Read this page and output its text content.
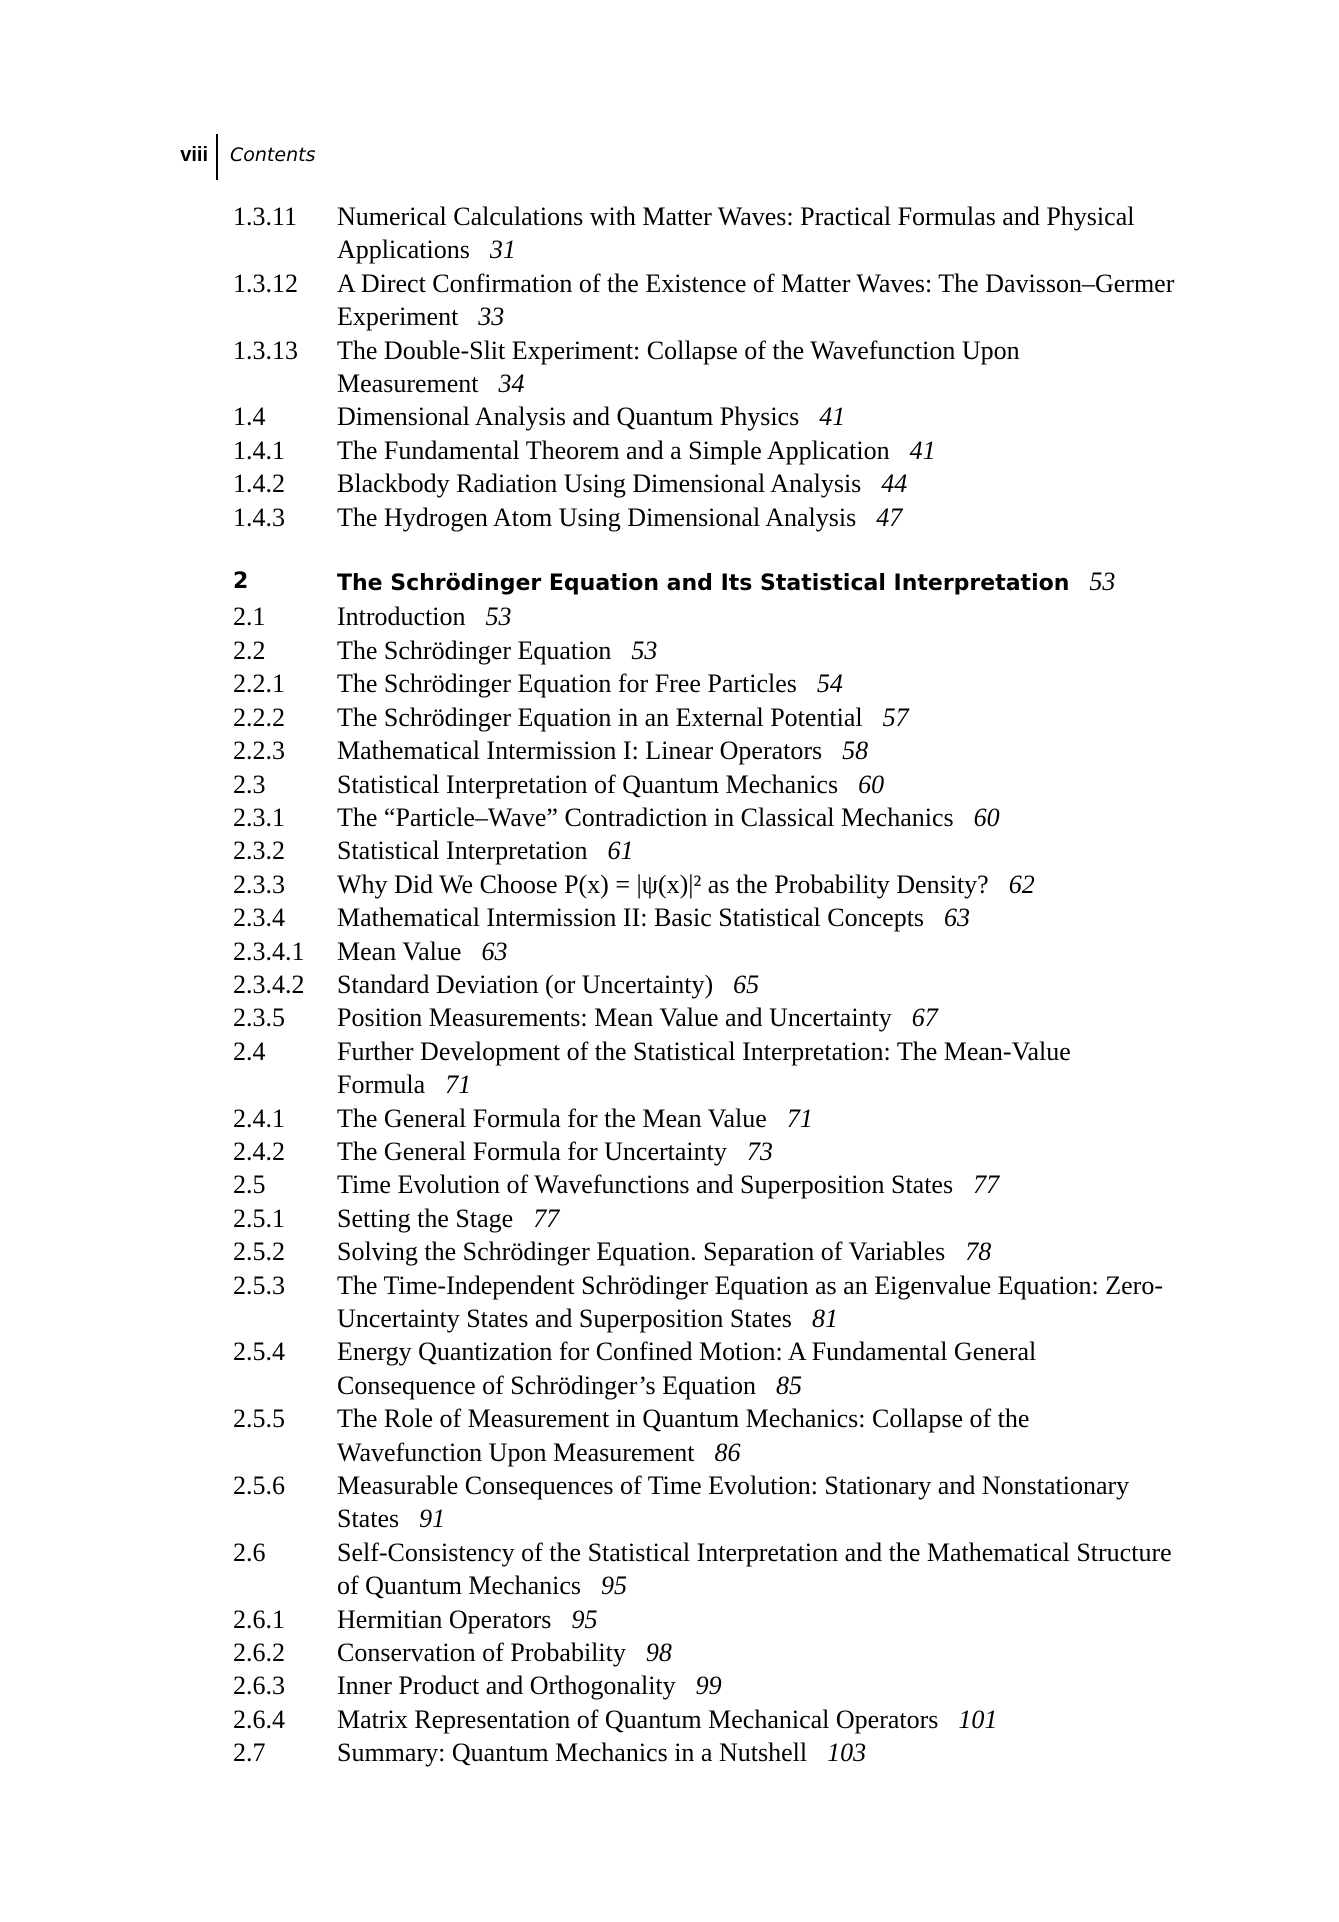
viii Contents
1.3.11	Numerical Calculations with Matter Waves: Practical Formulas and Physical Applications 31
1.3.12	A Direct Confirmation of the Existence of Matter Waves: The Davisson–Germer Experiment 33
1.3.13	The Double-Slit Experiment: Collapse of the Wavefunction Upon Measurement 34
1.4	Dimensional Analysis and Quantum Physics 41
1.4.1	The Fundamental Theorem and a Simple Application 41
1.4.2	Blackbody Radiation Using Dimensional Analysis 44
1.4.3	The Hydrogen Atom Using Dimensional Analysis 47
2	The Schrödinger Equation and Its Statistical Interpretation 53
2.1	Introduction 53
2.2	The Schrödinger Equation 53
2.2.1	The Schrödinger Equation for Free Particles 54
2.2.2	The Schrödinger Equation in an External Potential 57
2.2.3	Mathematical Intermission I: Linear Operators 58
2.3	Statistical Interpretation of Quantum Mechanics 60
2.3.1	The “Particle–Wave” Contradiction in Classical Mechanics 60
2.3.2	Statistical Interpretation 61
2.3.3	Why Did We Choose P(x) = |ψ(x)|² as the Probability Density? 62
2.3.4	Mathematical Intermission II: Basic Statistical Concepts 63
2.3.4.1	Mean Value 63
2.3.4.2	Standard Deviation (or Uncertainty) 65
2.3.5	Position Measurements: Mean Value and Uncertainty 67
2.4	Further Development of the Statistical Interpretation: The Mean-Value Formula 71
2.4.1	The General Formula for the Mean Value 71
2.4.2	The General Formula for Uncertainty 73
2.5	Time Evolution of Wavefunctions and Superposition States 77
2.5.1	Setting the Stage 77
2.5.2	Solving the Schrödinger Equation. Separation of Variables 78
2.5.3	The Time-Independent Schrödinger Equation as an Eigenvalue Equation: Zero-Uncertainty States and Superposition States 81
2.5.4	Energy Quantization for Confined Motion: A Fundamental General Consequence of Schrödinger’s Equation 85
2.5.5	The Role of Measurement in Quantum Mechanics: Collapse of the Wavefunction Upon Measurement 86
2.5.6	Measurable Consequences of Time Evolution: Stationary and Nonstationary States 91
2.6	Self-Consistency of the Statistical Interpretation and the Mathematical Structure of Quantum Mechanics 95
2.6.1	Hermitian Operators 95
2.6.2	Conservation of Probability 98
2.6.3	Inner Product and Orthogonality 99
2.6.4	Matrix Representation of Quantum Mechanical Operators 101
2.7	Summary: Quantum Mechanics in a Nutshell 103
